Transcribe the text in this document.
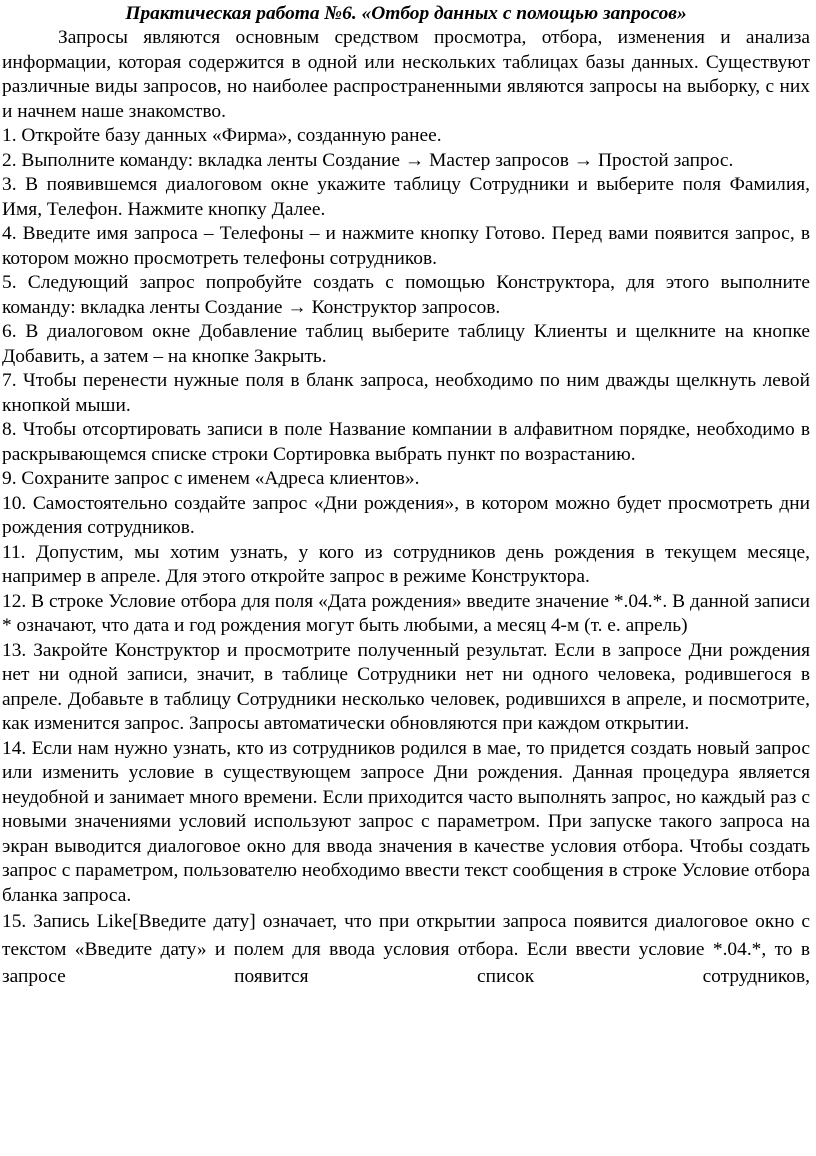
Практическая работа №6. «Отбор данных с помощью запросов»

Запросы являются основным средством просмотра, отбора, изменения и анализа информации, которая содержится в одной или нескольких таблицах базы данных. Существуют различные виды запросов, но наиболее распространенными являются запросы на выборку, с них и начнем наше знакомство.

1. Откройте базу данных «Фирма», созданную ранее.

2. Выполните команду: вкладка ленты Создание → Мастер запросов → Простой запрос.

3. В появившемся диалоговом окне укажите таблицу Сотрудники и выберите поля Фамилия, Имя, Телефон. Нажмите кнопку Далее.

4. Введите имя запроса – Телефоны – и нажмите кнопку Готово. Перед вами появится запрос, в котором можно просмотреть телефоны сотрудников.

5. Следующий запрос попробуйте создать с помощью Конструктора, для этого выполните команду: вкладка ленты Создание → Конструктор запросов.

6. В диалоговом окне Добавление таблиц выберите таблицу Клиенты и щелкните на кнопке Добавить, а затем – на кнопке Закрыть.

7. Чтобы перенести нужные поля в бланк запроса, необходимо по ним дважды щелкнуть левой кнопкой мыши.

8. Чтобы отсортировать записи в поле Название компании в алфавитном порядке, необходимо в раскрывающемся списке строки Сортировка выбрать пункт по возрастанию.

9. Сохраните запрос с именем «Адреса клиентов».

10. Самостоятельно создайте запрос «Дни рождения», в котором можно будет просмотреть дни рождения сотрудников.

11. Допустим, мы хотим узнать, у кого из сотрудников день рождения в текущем месяце, например в апреле. Для этого откройте запрос в режиме Конструктора.

12. В строке Условие отбора для поля «Дата рождения» введите значение *.04.*. В данной записи * означают, что дата и год рождения могут быть любыми, а месяц 4-м (т. е. апрель)

13. Закройте Конструктор и просмотрите полученный результат. Если в запросе Дни рождения нет ни одной записи, значит, в таблице Сотрудники нет ни одного человека, родившегося в апреле. Добавьте в таблицу Сотрудники несколько человек, родившихся в апреле, и посмотрите, как изменится запрос. Запросы автоматически обновляются при каждом открытии.

14. Если нам нужно узнать, кто из сотрудников родился в мае, то придется создать новый запрос или изменить условие в существующем запросе Дни рождения. Данная процедура является неудобной и занимает много времени. Если приходится часто выполнять запрос, но каждый раз с новыми значениями условий используют запрос с параметром. При запуске такого запроса на экран выводится диалоговое окно для ввода значения в качестве условия отбора. Чтобы создать запрос с параметром, пользователю необходимо ввести текст сообщения в строке Условие отбора бланка запроса.

15. Запись Like[Введите дату] означает, что при открытии запроса появится диалоговое окно с текстом «Введите дату» и полем для ввода условия отбора. Если ввести условие *.04.*, то в запросе появится список сотрудников,
